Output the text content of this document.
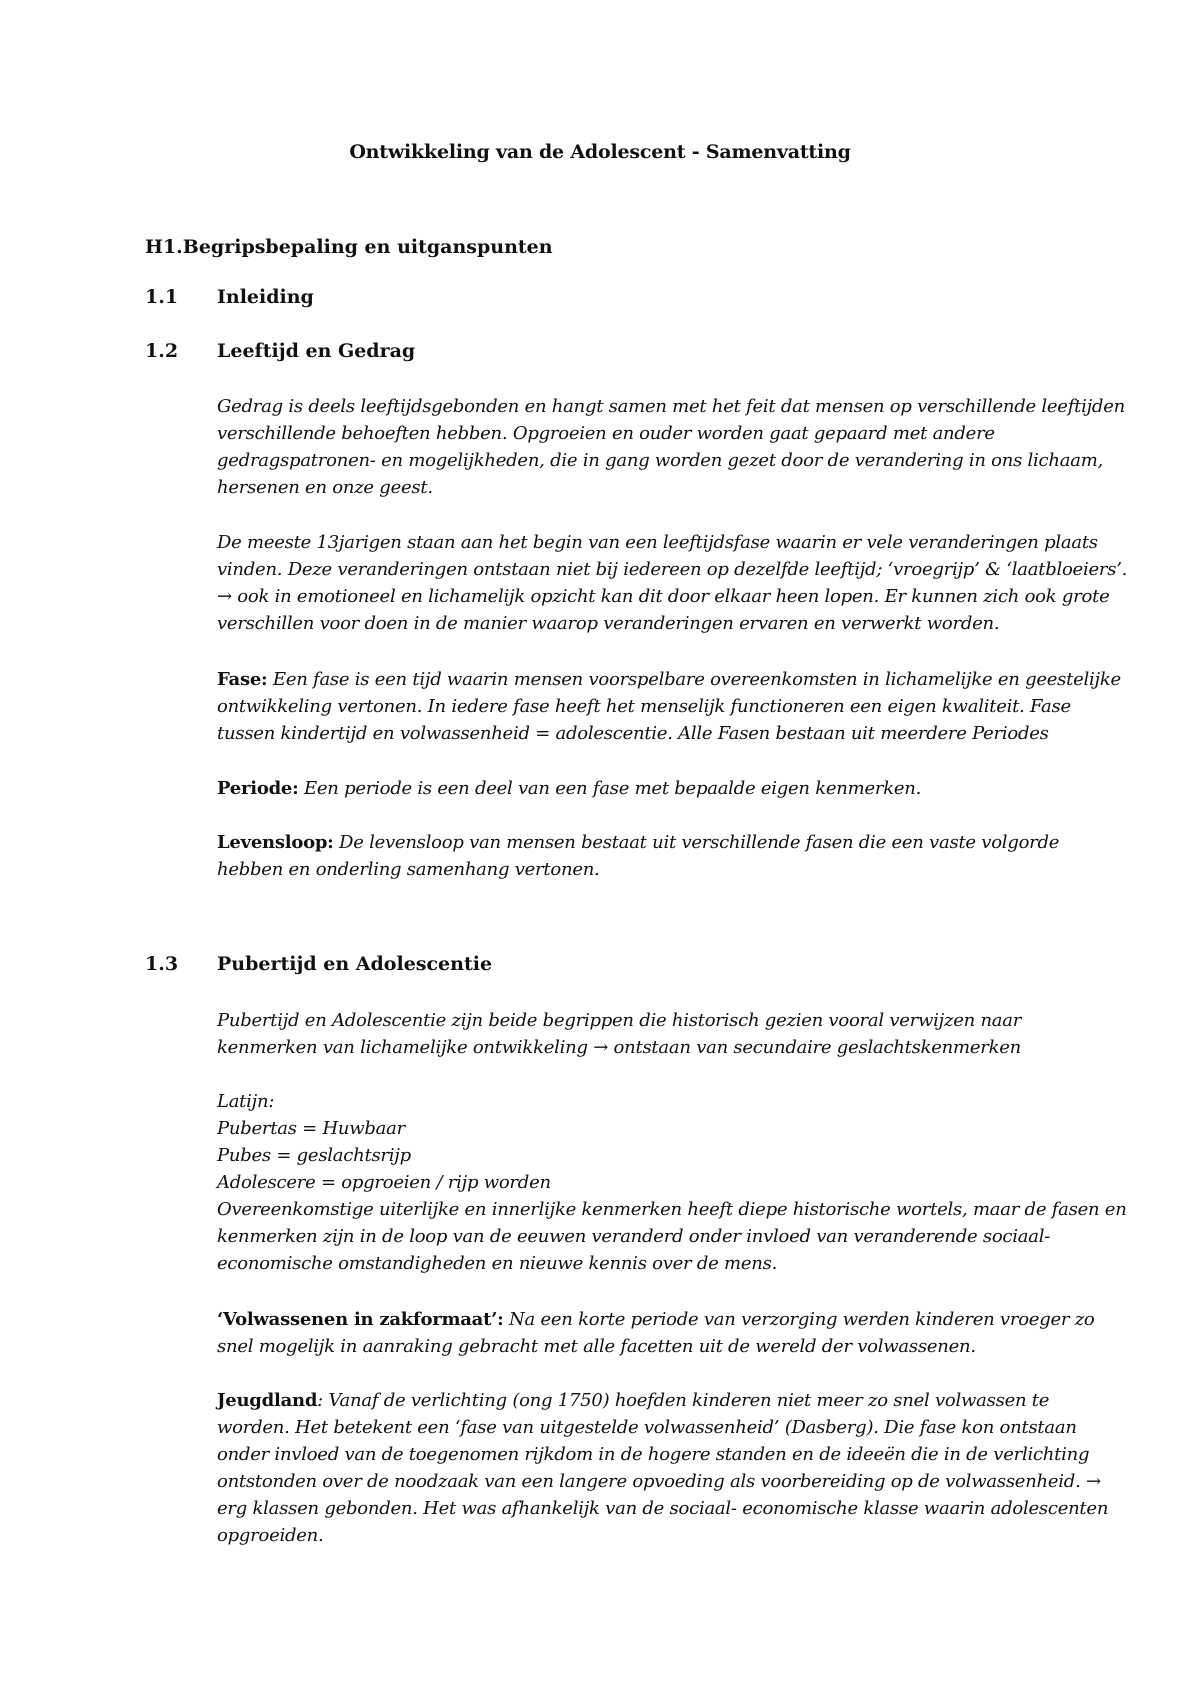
Ontwikkeling van de Adolescent - Samenvatting
H1.Begripsbepaling en uitganspunten
1.1 Inleiding
1.2 Leeftijd en Gedrag
Gedrag is deels leeftijdsgebonden en hangt samen met het feit dat mensen op verschillende leeftijden
verschillende behoeften hebben. Opgroeien en ouder worden gaat gepaard met andere
gedragspatronen- en mogelijkheden, die in gang worden gezet door de verandering in ons lichaam,
hersenen en onze geest.
De meeste 13jarigen staan aan het begin van een leeftijdsfase waarin er vele veranderingen plaats
vinden. Deze veranderingen ontstaan niet bij iedereen op dezelfde leeftijd; ‘vroegrijp’ & ‘laatbloeiers’.
→ ook in emotioneel en lichamelijk opzicht kan dit door elkaar heen lopen. Er kunnen zich ook grote
verschillen voor doen in de manier waarop veranderingen ervaren en verwerkt worden.
Fase: Een fase is een tijd waarin mensen voorspelbare overeenkomsten in lichamelijke en geestelijke
ontwikkeling vertonen. In iedere fase heeft het menselijk functioneren een eigen kwaliteit. Fase
tussen kindertijd en volwassenheid = adolescentie. Alle Fasen bestaan uit meerdere Periodes
Periode: Een periode is een deel van een fase met bepaalde eigen kenmerken.
Levensloop: De levensloop van mensen bestaat uit verschillende fasen die een vaste volgorde
hebben en onderling samenhang vertonen.
1.3 Pubertijd en Adolescentie
Pubertijd en Adolescentie zijn beide begrippen die historisch gezien vooral verwijzen naar
kenmerken van lichamelijke ontwikkeling → ontstaan van secundaire geslachtskenmerken
Latijn:
Pubertas = Huwbaar
Pubes = geslachtsrijp
Adolescere = opgroeien / rijp worden
Overeenkomstige uiterlijke en innerlijke kenmerken heeft diepe historische wortels, maar de fasen en
kenmerken zijn in de loop van de eeuwen veranderd onder invloed van veranderende sociaal-
economische omstandigheden en nieuwe kennis over de mens.
‘Volwassenen in zakformaat’: Na een korte periode van verzorging werden kinderen vroeger zo
snel mogelijk in aanraking gebracht met alle facetten uit de wereld der volwassenen.
Jeugdland: Vanaf de verlichting (ong 1750) hoefden kinderen niet meer zo snel volwassen te
worden. Het betekent een ‘fase van uitgestelde volwassenheid’ (Dasberg). Die fase kon ontstaan
onder invloed van de toegenomen rijkdom in de hogere standen en de ideeën die in de verlichting
ontstonden over de noodzaak van een langere opvoeding als voorbereiding op de volwassenheid. →
erg klassen gebonden. Het was afhankelijk van de sociaal- economische klasse waarin adolescenten
opgroeiden.
